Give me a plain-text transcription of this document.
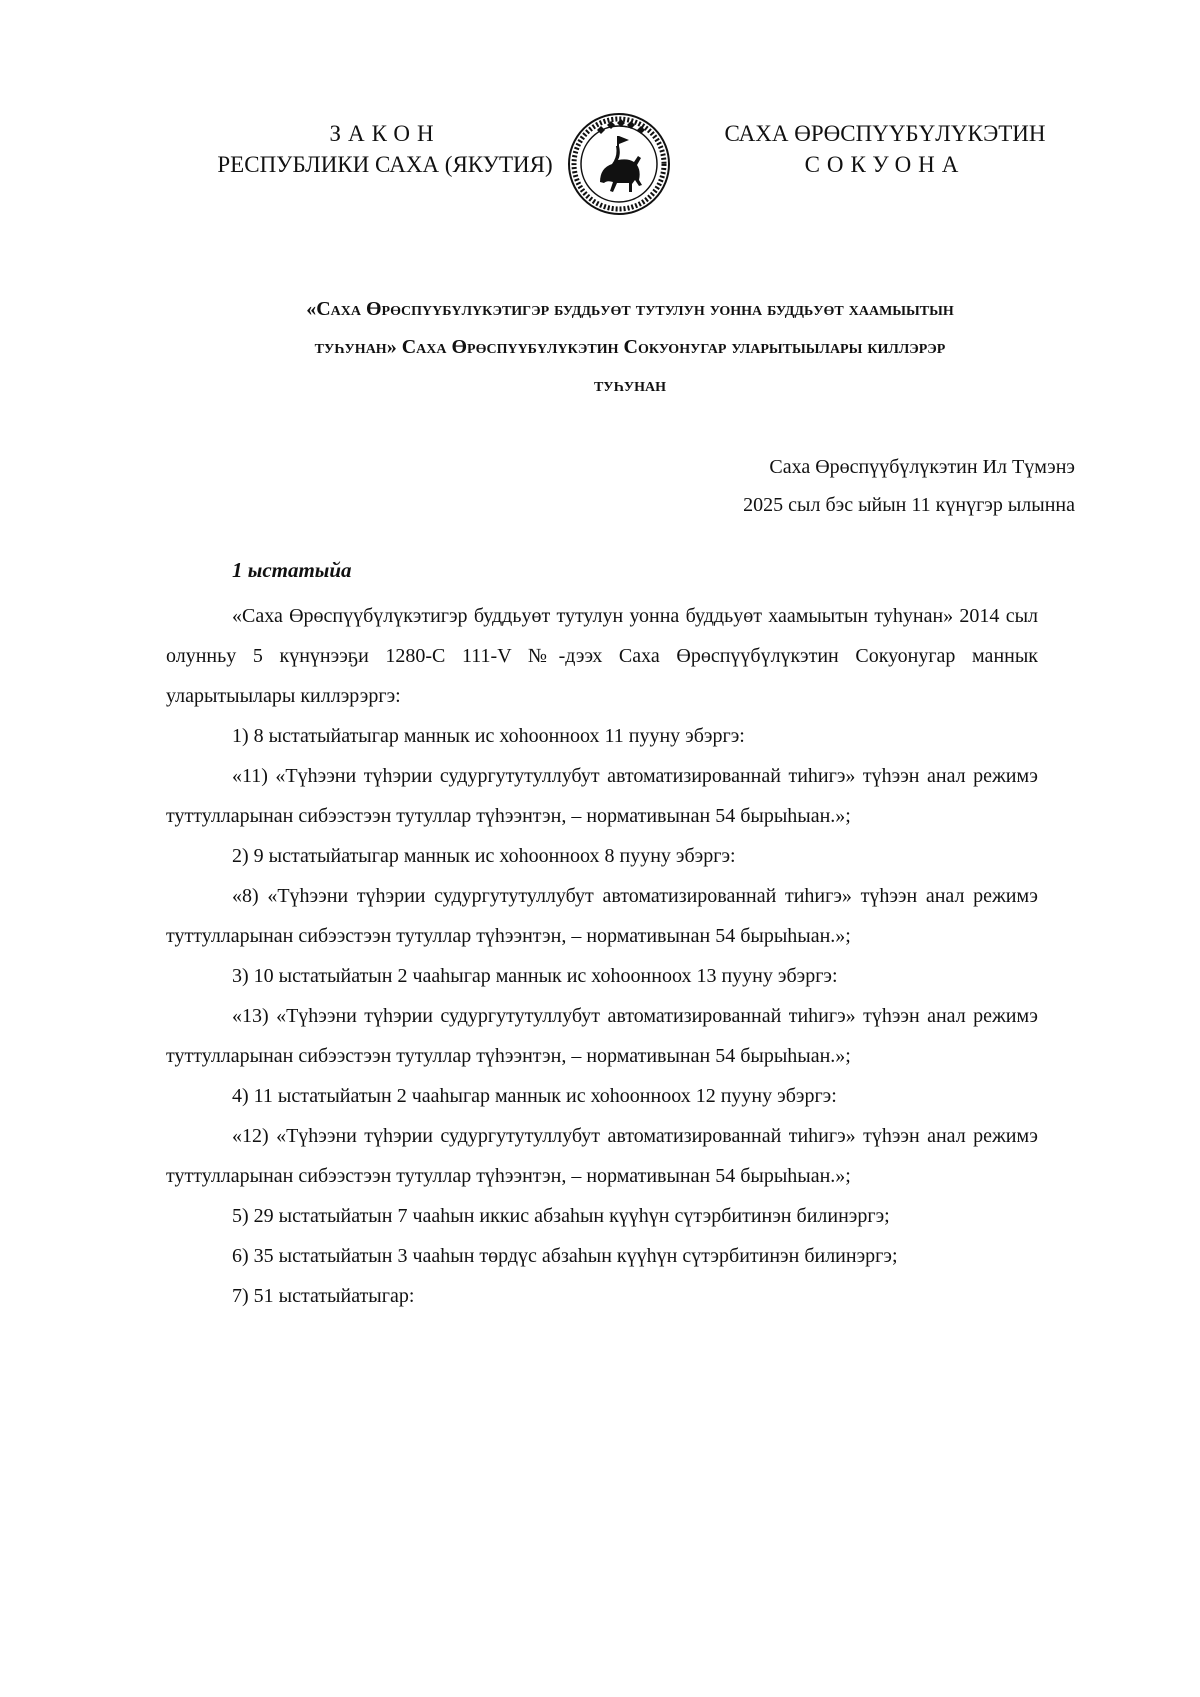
ЗАКОН
РЕСПУБЛИКИ САХА (ЯКУТИЯ)
САХА ӨРӨСПҮҮБҮЛҮКЭТИН
СОКУОНА
«Саха Өрөспүүбүлүкэтигэр буддьуөт тутулун уонна буддьуөт хаамыытын
туһунан» Саха Өрөспүүбүлүкэтин Сокуонугар уларытыылары киллэрэр
туһунан
Саха Өрөспүүбүлүкэтин Ил Түмэнэ
2025 сыл бэс ыйын 11 күнүгэр ылынна
1 ыстатыйа

«Саха Өрөспүүбүлүкэтигэр буддьуөт тутулун уонна буддьуөт хаамыытын туһунан» 2014 сыл олунньу 5 күнүнээҕи 1280-С 111-V №-дээх Саха Өрөспүүбүлүкэтин Сокуонугар маннык уларытыылары киллэрэргэ:

1) 8 ыстатыйатыгар маннык ис хоһоонноох 11 пууну эбэргэ:

«11) «Түһээни түһэрии судургутутуллубут автоматизированнай тиһигэ» түһээн анал режимэ туттулларынан сибээстээн тутуллар түһээнтэн, – нормативынан 54 бырыһыан.»;

2) 9 ыстатыйатыгар маннык ис хоһоонноох 8 пууну эбэргэ:

«8) «Түһээни түһэрии судургутутуллубут автоматизированнай тиһигэ» түһээн анал режимэ туттулларынан сибээстээн тутуллар түһээнтэн, – нормативынан 54 бырыһыан.»;

3) 10 ыстатыйатын 2 чааһыгар маннык ис хоһоонноох 13 пууну эбэргэ:

«13) «Түһээни түһэрии судургутутуллубут автоматизированнай тиһигэ» түһээн анал режимэ туттулларынан сибээстээн тутуллар түһээнтэн, – нормативынан 54 бырыһыан.»;

4) 11 ыстатыйатын 2 чааһыгар маннык ис хоһоонноох 12 пууну эбэргэ:

«12) «Түһээни түһэрии судургутутуллубут автоматизированнай тиһигэ» түһээн анал режимэ туттулларынан сибээстээн тутуллар түһээнтэн, – нормативынан 54 бырыһыан.»;

5) 29 ыстатыйатын 7 чааһын иккис абзаһын күүһүн сүтэрбитинэн билинэргэ;

6) 35 ыстатыйатын 3 чааһын төрдүс абзаһын күүһүн сүтэрбитинэн билинэргэ;

7) 51 ыстатыйатыгар:
